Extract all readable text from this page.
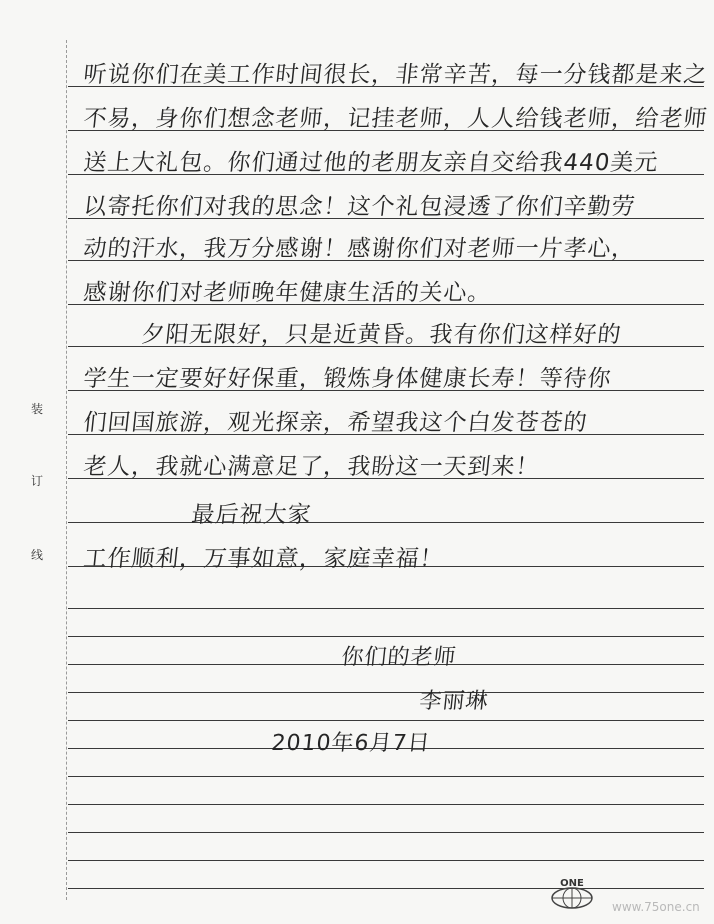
装
订
线
听说你们在美工作时间很长，非常辛苦，每一分钱都是来之
不易，身你们想念老师，记挂老师，人人给钱老师，给老师
送上大礼包。你们通过他的老朋友亲自交给我440美元
以寄托你们对我的思念！这个礼包浸透了你们辛勤劳
动的汗水，我万分感谢！感谢你们对老师一片孝心，
感谢你们对老师晚年健康生活的关心。
夕阳无限好，只是近黄昏。我有你们这样好的
学生一定要好好保重，锻炼身体健康长寿！等待你
们回国旅游，观光探亲，希望我这个白发苍苍的
老人，我就心满意足了，我盼这一天到来！
最后祝大家
工作顺利，万事如意，家庭幸福！
你们的老师
李丽琳
2010年6月7日
ONE
www.75one.cn
